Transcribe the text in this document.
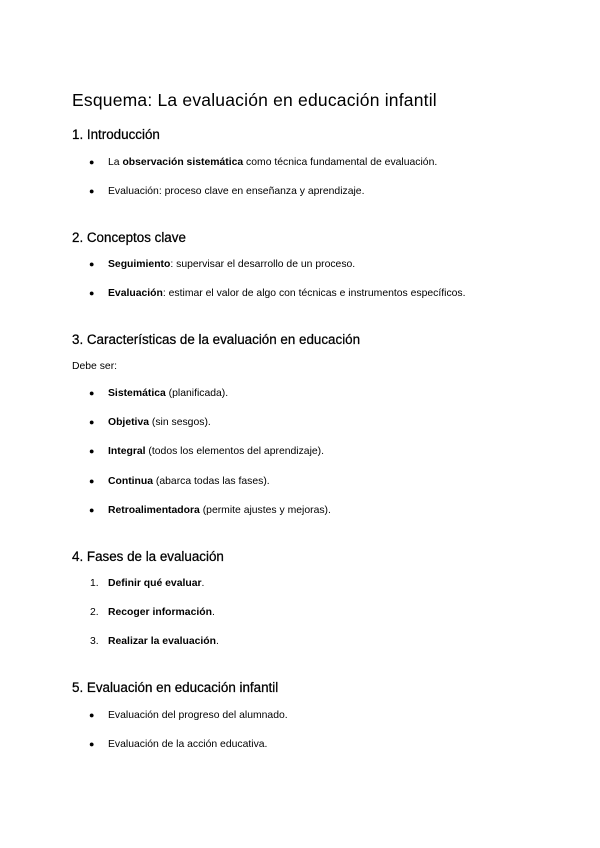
Esquema: La evaluación en educación infantil
1. Introducción
● La observación sistemática como técnica fundamental de evaluación.
● Evaluación: proceso clave en enseñanza y aprendizaje.
2. Conceptos clave
● Seguimiento: supervisar el desarrollo de un proceso.
● Evaluación: estimar el valor de algo con técnicas e instrumentos específicos.
3. Características de la evaluación en educación
Debe ser:
● Sistemática (planificada).
● Objetiva (sin sesgos).
● Integral (todos los elementos del aprendizaje).
● Continua (abarca todas las fases).
● Retroalimentadora (permite ajustes y mejoras).
4. Fases de la evaluación
1. Definir qué evaluar.
2. Recoger información.
3. Realizar la evaluación.
5. Evaluación en educación infantil
● Evaluación del progreso del alumnado.
● Evaluación de la acción educativa.
